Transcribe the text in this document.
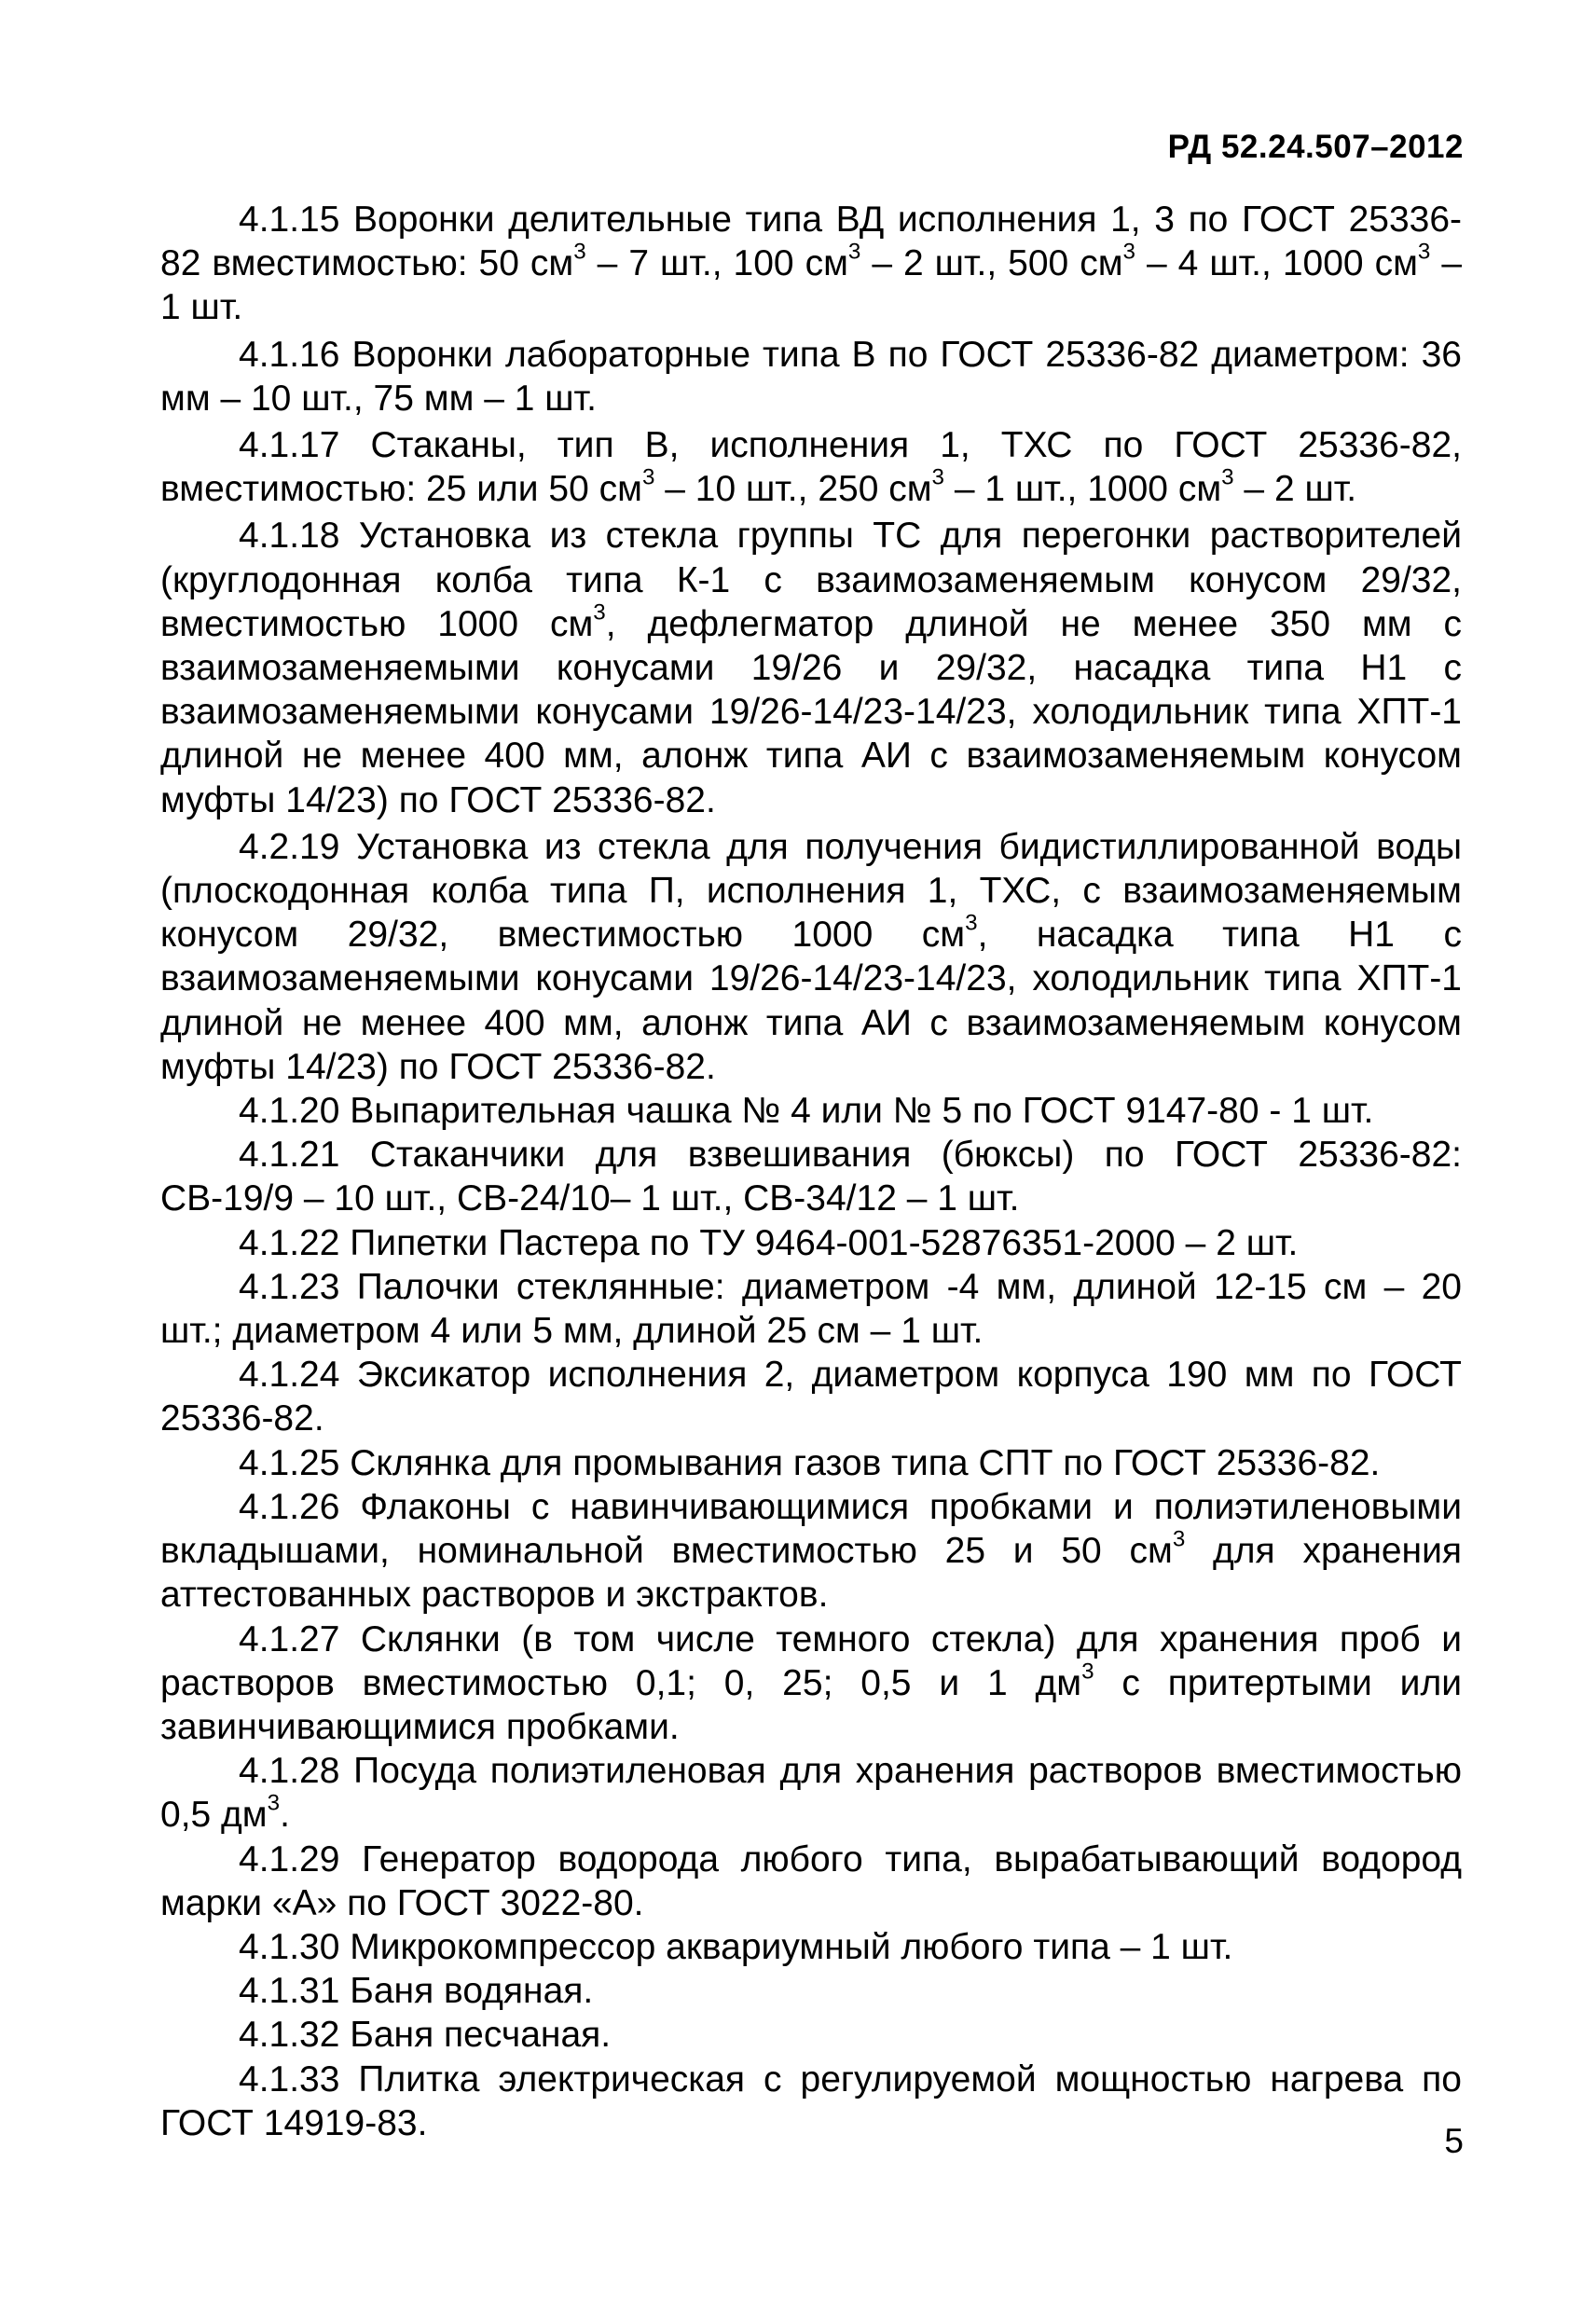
РД 52.24.507–2012

4.1.15 Воронки делительные типа ВД исполнения 1, 3 по ГОСТ 25336-82 вместимостью: 50 $см^3 - 7$ шт., 100 $см^3 - 2$ шт., 500 $см^3 - 4$ шт., 1000 $см^3 - 1$ шт.

4.1.16 Воронки лабораторные типа В по ГОСТ 25336-82 диаметром: 36 мм – 10 шт., 75 мм – 1 шт.

4.1.17 Стаканы, тип В, исполнения 1, ТХС по ГОСТ 25336-82, вместимостью: 25 или 50 $см^3 - 10$ шт., 250 $см^3 - 1$ шт., 1000 $см^3 - 2$ шт.

4.1.18 Установка из стекла группы ТС для перегонки растворителей (круглодонная колба типа К-1 с взаимозаменяемым конусом 29/32, вместимостью 1000 $см^3$, дефлегматор длиной не менее 350 мм с взаимозаменяемыми конусами 19/26 и 29/32, насадка типа Н1 с взаимозаменяемыми конусами 19/26-14/23-14/23, холодильник типа ХПТ-1 длиной не менее 400 мм, алонж типа АИ с взаимозаменяемым конусом муфты 14/23) по ГОСТ 25336-82.

4.2.19 Установка из стекла для получения бидистиллированной воды (плоскодонная колба типа П, исполнения 1, ТХС, с взаимозаменяемым конусом 29/32, вместимостью 1000 $см^3$, насадка типа Н1 с взаимозаменяемыми конусами 19/26-14/23-14/23, холодильник типа ХПТ-1 длиной не менее 400 мм, алонж типа АИ с взаимозаменяемым конусом муфты 14/23) по ГОСТ 25336-82.

4.1.20 Выпарительная чашка № 4 или № 5 по ГОСТ 9147-80 - 1 шт.

4.1.21 Стаканчики для взвешивания (бюксы) по ГОСТ 25336-82: СВ-19/9 – 10 шт., СВ-24/10– 1 шт., СВ-34/12 – 1 шт.

4.1.22 Пипетки Пастера по ТУ 9464-001-52876351-2000 – 2 шт.

4.1.23 Палочки стеклянные: диаметром -4 мм, длиной 12-15 см – 20 шт.; диаметром 4 или 5 мм, длиной 25 см – 1 шт.

4.1.24 Эксикатор исполнения 2, диаметром корпуса 190 мм по ГОСТ 25336-82.

4.1.25 Склянка для промывания газов типа СПТ по ГОСТ 25336-82.

4.1.26 Флаконы с навинчивающимися пробками и полиэтиленовыми вкладышами, номинальной вместимостью 25 и 50 $см^3$ для хранения аттестованных растворов и экстрактов.

4.1.27 Склянки (в том числе темного стекла) для хранения проб и растворов вместимостью 0,1; 0, 25; 0,5 и 1 $дм^3$ с притертыми или завинчивающимися пробками.

4.1.28 Посуда полиэтиленовая для хранения растворов вместимостью 0,5 $дм^3$.

4.1.29 Генератор водорода любого типа, вырабатывающий водород марки «А» по ГОСТ 3022-80.

4.1.30 Микрокомпрессор аквариумный любого типа – 1 шт.

4.1.31 Баня водяная.

4.1.32 Баня песчаная.

4.1.33 Плитка электрическая с регулируемой мощностью нагрева по ГОСТ 14919-83.	5
